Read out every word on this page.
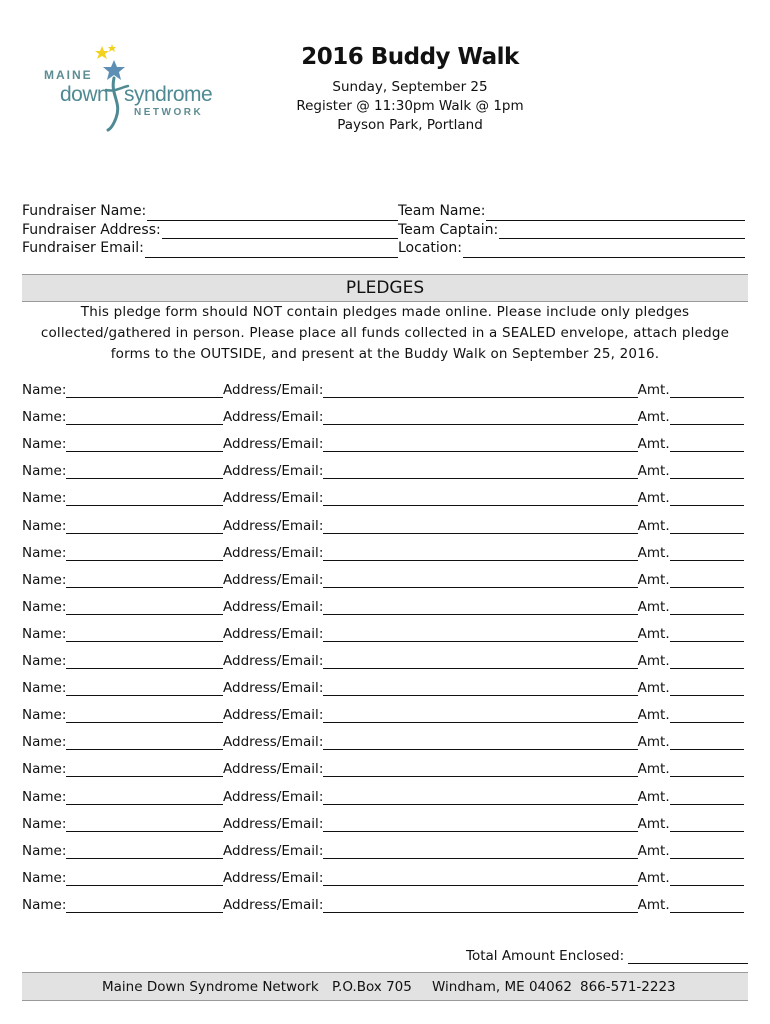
MAINE
down syndrome
NETWORK
2016 Buddy Walk
Sunday, September 25
Register @ 11:30pm Walk @ 1pm
Payson Park, Portland
Fundraiser Name:
Fundraiser Address:
Fundraiser Email:
Team Name:
Team Captain:
Location:
PLEDGES
This pledge form should NOT contain pledges made online. Please include only pledges collected/gathered in person. Please place all funds collected in a SEALED envelope, attach pledge forms to the OUTSIDE, and present at the Buddy Walk on September 25, 2016.
Name:	Address/Email:	Amt.
Name:	Address/Email:	Amt.
Name:	Address/Email:	Amt.
Name:	Address/Email:	Amt.
Name:	Address/Email:	Amt.
Name:	Address/Email:	Amt.
Name:	Address/Email:	Amt.
Name:	Address/Email:	Amt.
Name:	Address/Email:	Amt.
Name:	Address/Email:	Amt.
Name:	Address/Email:	Amt.
Name:	Address/Email:	Amt.
Name:	Address/Email:	Amt.
Name:	Address/Email:	Amt.
Name:	Address/Email:	Amt.
Name:	Address/Email:	Amt.
Name:	Address/Email:	Amt.
Name:	Address/Email:	Amt.
Name:	Address/Email:	Amt.
Name:	Address/Email:	Amt.
Total Amount Enclosed:
Maine Down Syndrome Network P.O.Box 705 Windham, ME 04062 866-571-2223
